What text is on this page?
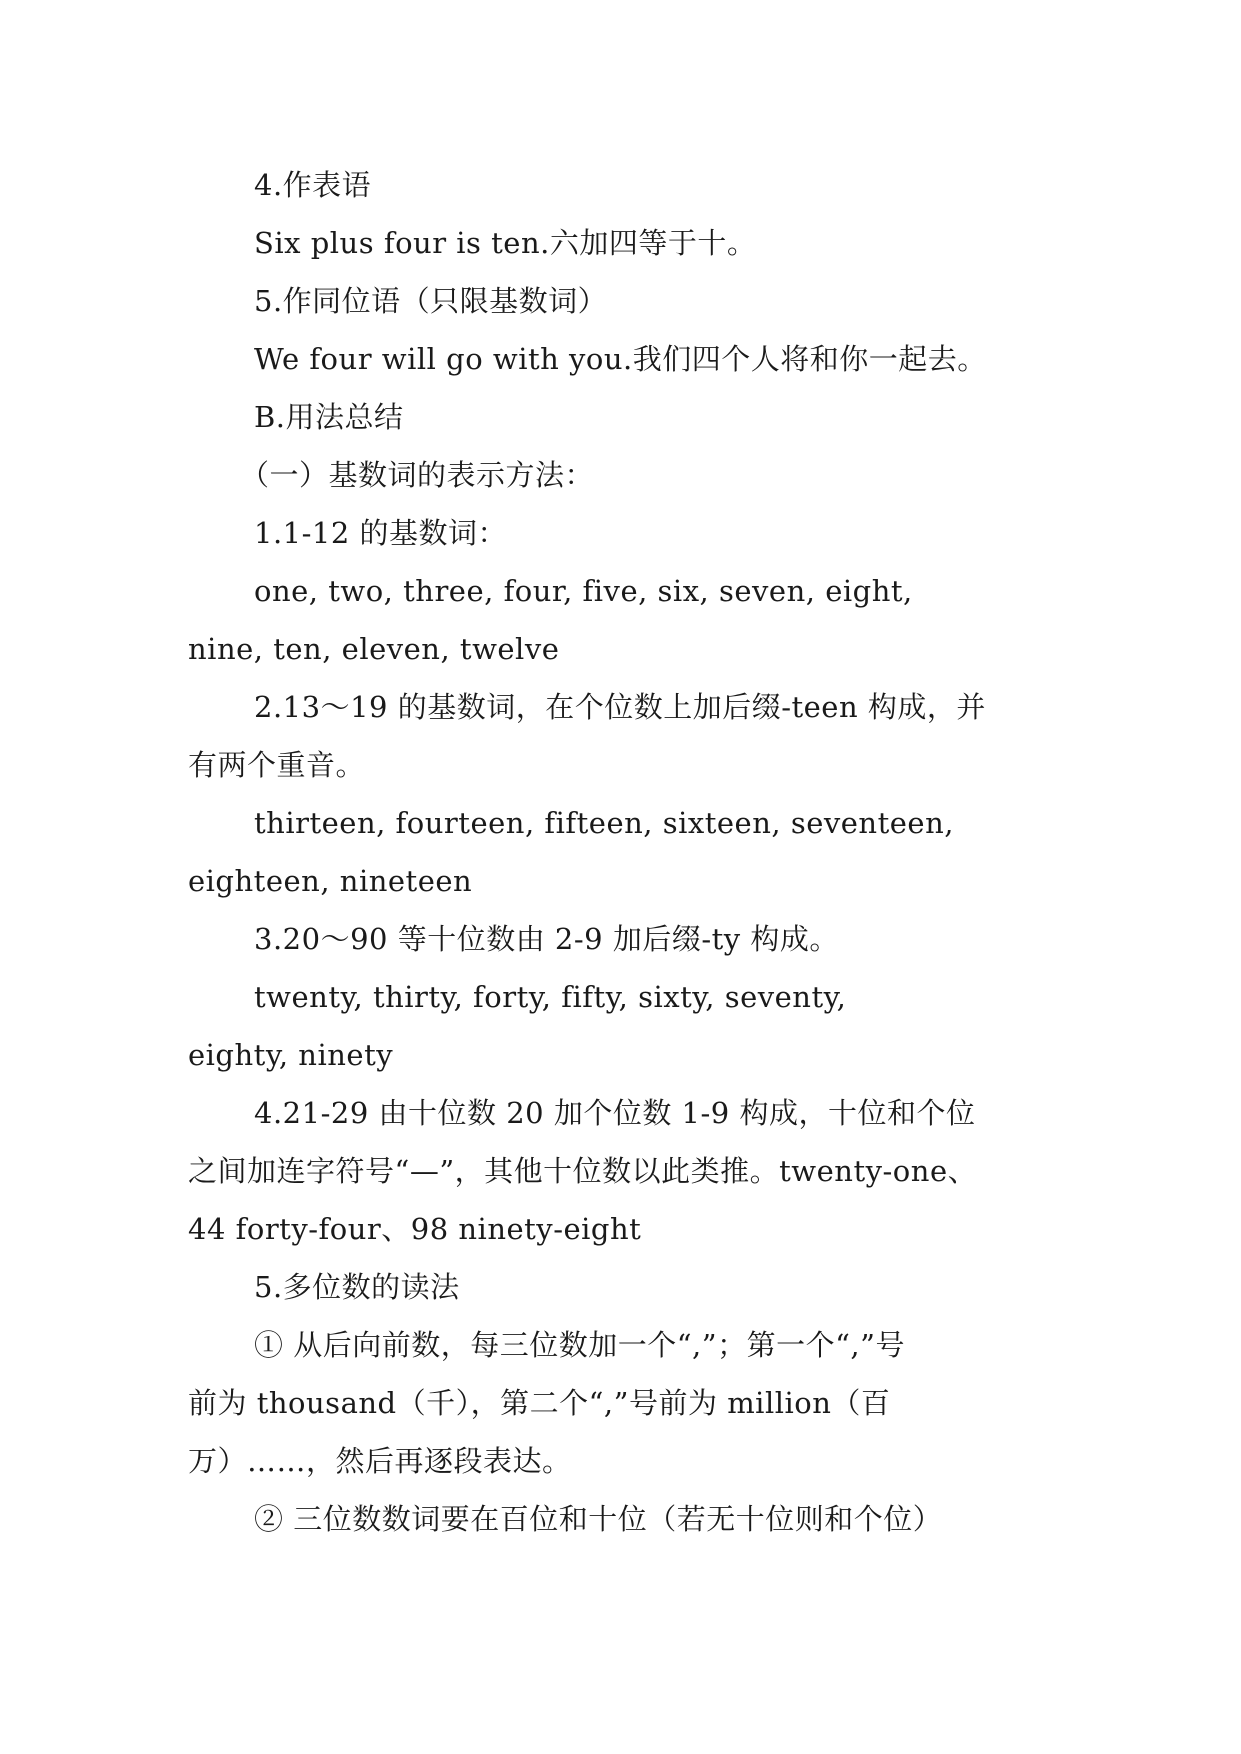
4.作表语
Six plus four is ten.六加四等于十。
5.作同位语（只限基数词）
We four will go with you.我们四个人将和你一起去。
B.用法总结
（一）基数词的表示方法：
1.1-12 的基数词：
one, two, three, four, five, six, seven, eight,
nine, ten, eleven, twelve
2.13～19 的基数词，在个位数上加后缀-teen 构成，并
有两个重音。
thirteen, fourteen, fifteen, sixteen, seventeen,
eighteen, nineteen
3.20～90 等十位数由 2-9 加后缀-ty 构成。
twenty, thirty, forty, fifty, sixty, seventy,
eighty, ninety
4.21-29 由十位数 20 加个位数 1-9 构成，十位和个位
之间加连字符号“—”，其他十位数以此类推。twenty-one、
44 forty-four、98 ninety-eight
5.多位数的读法
① 从后向前数，每三位数加一个“,”；第一个“,”号
前为 thousand（千），第二个“,”号前为 million（百
万）……，然后再逐段表达。
② 三位数数词要在百位和十位（若无十位则和个位）
